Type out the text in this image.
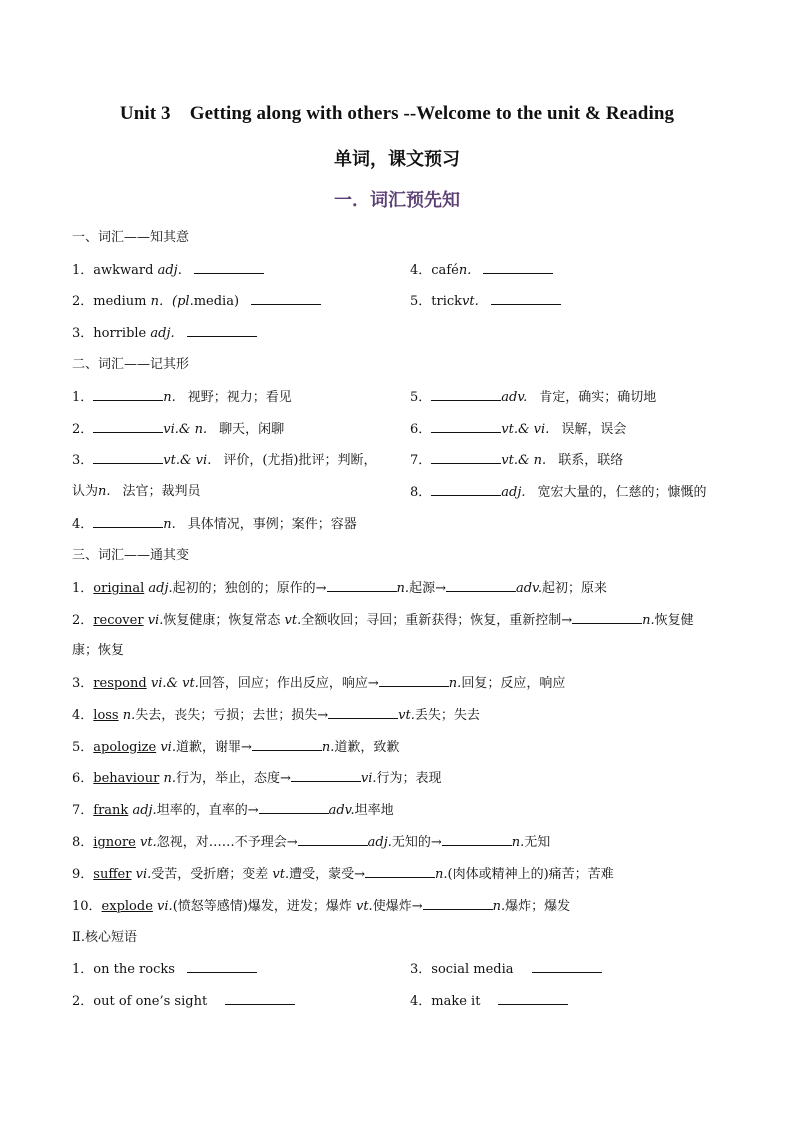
Unit 3 Getting along with others --Welcome to the unit & Reading
单词，课文预习
一．词汇预先知
一、词汇——知其意
1．awkward adj.
2．medium n．(pl.media)
3．horrible adj.
4．cafén.
5．trickvt.
二、词汇——记其形
1．	n. 视野；视力；看见
2．	vi.& n. 聊天，闲聊
3．	vt.& vi. 评价，(尤指)批评；判断，
认为n. 法官；裁判员
4．	n. 具体情况，事例；案件；容器
5．	adv. 肯定，确实；确切地
6．	vt.& vi. 误解，误会
7．	vt.& n. 联系，联络
8．	adj. 宽宏大量的，仁慈的；慷慨的
三、词汇——通其变
1．original adj.起初的；独创的；原作的→	n.起源→	adv.起初；原来
2．recover vi.恢复健康；恢复常态 vt.全额收回；寻回；重新获得；恢复，重新控制→	n.恢复健
康；恢复
3．respond vi.& vt.回答，回应；作出反应，响应→	n.回复；反应，响应
4．loss n.失去，丧失；亏损；去世；损失→	vt.丢失；失去
5．apologize vi.道歉，谢罪→	n.道歉，致歉
6．behaviour n.行为，举止，态度→	vi.行为；表现
7．frank adj.坦率的，直率的→	adv.坦率地
8．ignore vt.忽视，对……不予理会→	adj.无知的→	n.无知
9．suffer vi.受苦，受折磨；变差 vt.遭受，蒙受→	n.(肉体或精神上的)痛苦；苦难
10．explode vi.(愤怒等感情)爆发，迸发；爆炸 vt.使爆炸→	n.爆炸；爆发
Ⅱ.核心短语
1．on the rocks
2．out of one’s sight
3．social media
4．make it
